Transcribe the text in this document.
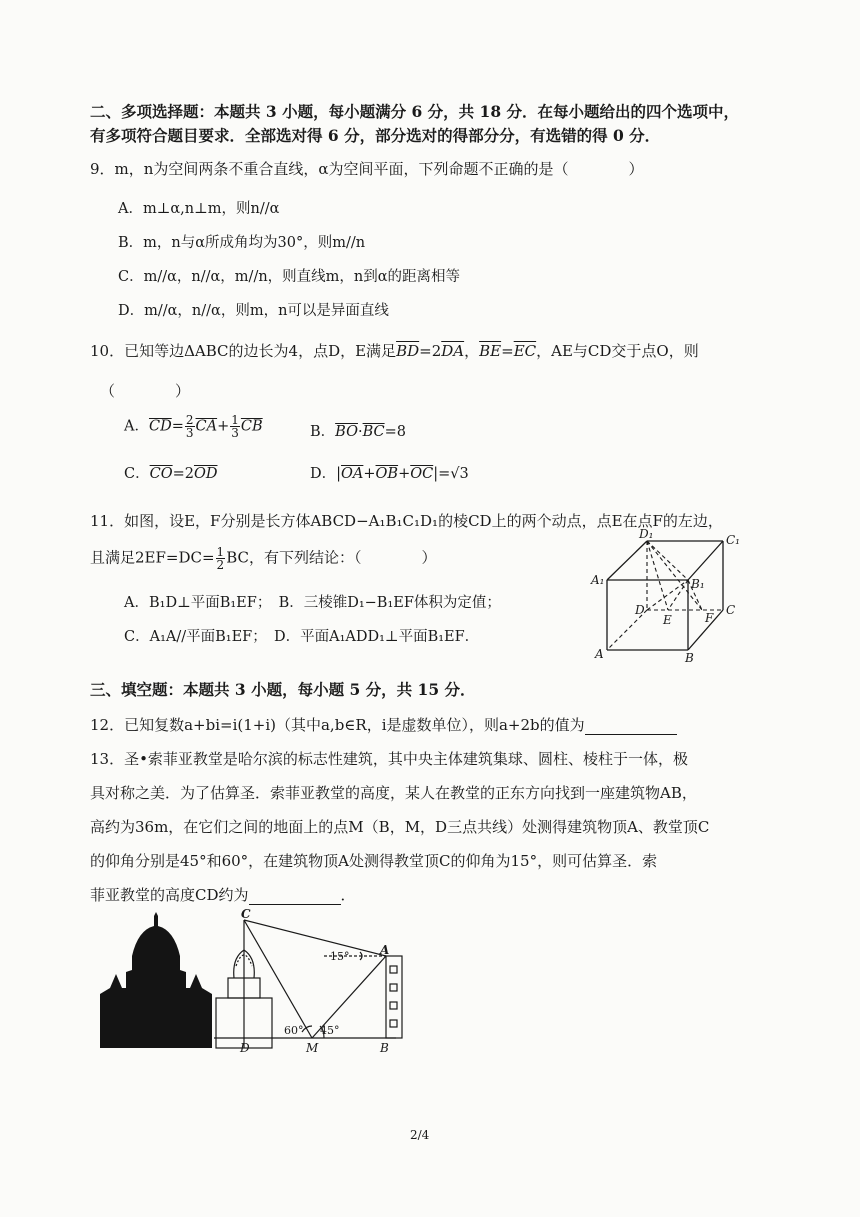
二、多项选择题：本题共 3 小题，每小题满分 6 分，共 18 分．在每小题给出的四个选项中，
有多项符合题目要求．全部选对得 6 分，部分选对的得部分分，有选错的得 0 分．
9．m，n为空间两条不重合直线，α为空间平面，下列命题不正确的是（　　　　）
A．m⊥α,n⊥m，则n//α
B．m，n与α所成角均为30°，则m//n
C．m//α，n//α，m//n，则直线m，n到α的距离相等
D．m//α，n//α，则m，n可以是异面直线
10．已知等边ΔABC的边长为4，点D，E满足$\overline{BD}=2\overline{DA}$，$\overline{BE}=\overline{EC}$，AE与CD交于点O，则
（　　　　）
A．$\overline{CD}= \frac{2}{3} \overline{CA}+ \frac{1}{3} \overline{CB}$	B．$\overline{BO}\cdot\overline{BC}=8$
C．$\overline{CO}=2\overline{OD}$	D．$|\overline{OA}+\overline{OB}+\overline{OC}|=√3$
11．如图，设E，F分别是长方体ABCD−A₁B₁C₁D₁的棱CD上的两个动点，点E在点F的左边，
且满足$2EF=DC= \frac{1}{2}$ BC，有下列结论：（　　　　）
A．B₁D⊥平面B₁EF；　B．三棱锥D₁−B₁EF体积为定值；
C．A₁A//平面B₁EF；　D．平面A₁ADD₁⊥平面B₁EF．
D₁	C₁
A₁	B₁
D
E	F
C
A	B
三、填空题：本题共 3 小题，每小题 5 分，共 15 分．
12．已知复数a+bi=i(1+i)（其中a,b∈R，i是虚数单位），则a+2b的值为
13．圣•索菲亚教堂是哈尔滨的标志性建筑，其中央主体建筑集球、圆柱、棱柱于一体，极
具对称之美．为了估算圣．索菲亚教堂的高度，某人在教堂的正东方向找到一座建筑物AB，
高约为36m，在它们之间的地面上的点M（B，M，D三点共线）处测得建筑物顶A、教堂顶C
的仰角分别是45°和60°，在建筑物顶A处测得教堂顶C的仰角为15°，则可估算圣．索
菲亚教堂的高度CD约为	．
C
A
D	M	B
15°
60° 45°
2/4
